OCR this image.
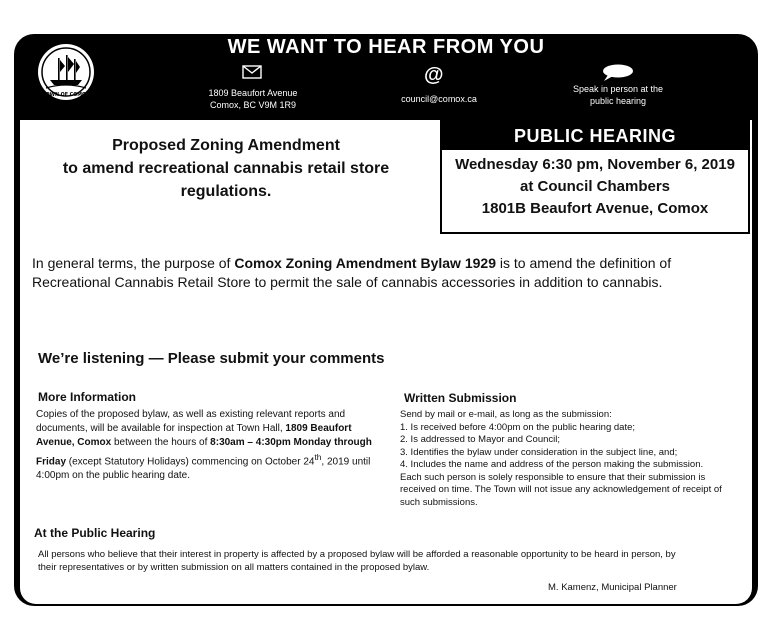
WE WANT TO HEAR FROM YOU
TOWN OF COMOX	1809 Beaufort Avenue
Comox, BC V9M 1R9
@
council@comox.ca
Speak in person at the
public hearing
Proposed Zoning Amendment
to amend recreational cannabis retail store
regulations.
PUBLIC HEARING
Wednesday 6:30 pm, November 6, 2019
at Council Chambers
1801B Beaufort Avenue, Comox
In general terms, the purpose of Comox Zoning Amendment Bylaw 1929 is to amend the definition of Recreational Cannabis Retail Store to permit the sale of cannabis accessories in addition to cannabis.
We’re listening — Please submit your comments
More Information
Copies of the proposed bylaw, as well as existing relevant reports and documents, will be available for inspection at Town Hall, 1809 Beaufort Avenue, Comox between the hours of 8:30am – 4:30pm Monday through Friday (except Statutory Holidays) commencing on October 24th, 2019 until 4:00pm on the public hearing date.
Written Submission
Send by mail or e-mail, as long as the submission:
1. Is received before 4:00pm on the public hearing date;
2. Is addressed to Mayor and Council;
3. Identifies the bylaw under consideration in the subject line, and;
4. Includes the name and address of the person making the submission.
Each such person is solely responsible to ensure that their submission is received on time. The Town will not issue any acknowledgement of receipt of such submissions.
At the Public Hearing
All persons who believe that their interest in property is affected by a proposed bylaw will be afforded a reasonable opportunity to be heard in person, by their representatives or by written submission on all matters contained in the proposed bylaw.
M. Kamenz, Municipal Planner
